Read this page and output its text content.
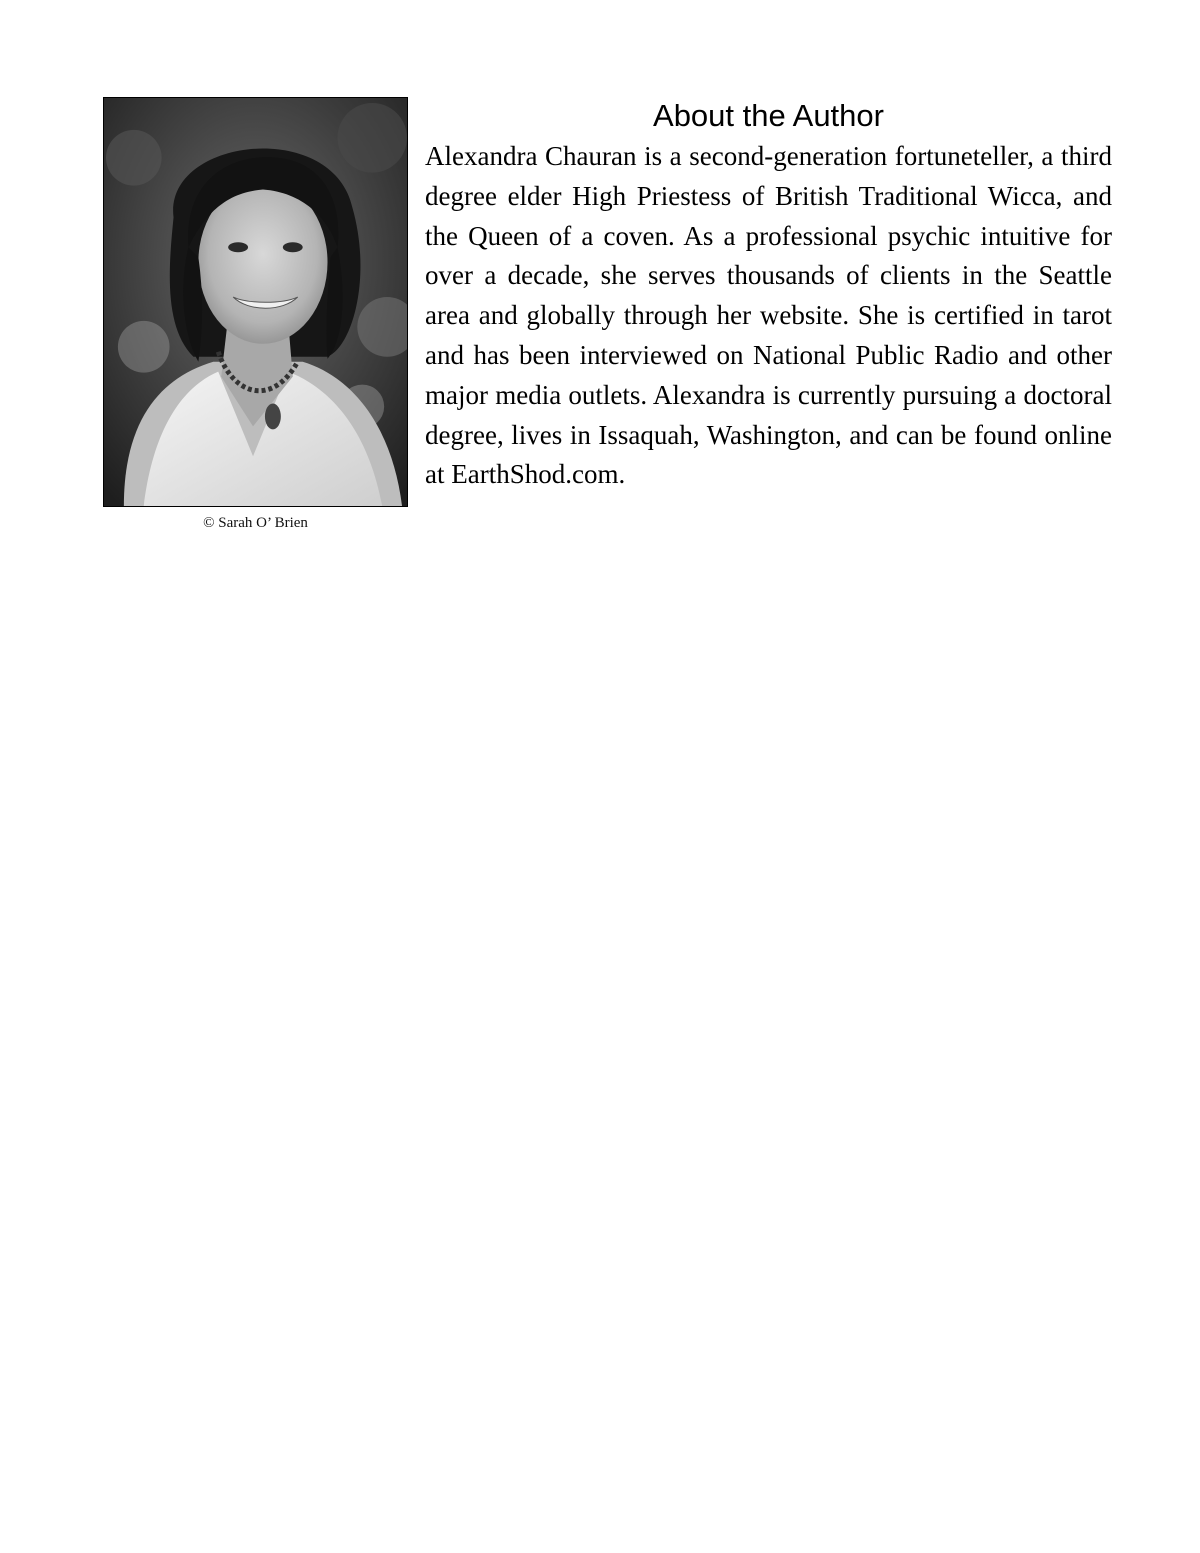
© Sarah O’ Brien
About the Author

Alexandra Chauran is a second-generation fortuneteller, a third degree elder High Priestess of British Traditional Wicca, and the Queen of a coven. As a professional psychic intuitive for over a decade, she serves thousands of clients in the Seattle area and globally through her website. She is certified in tarot and has been interviewed on National Public Radio and other major media outlets. Alexandra is currently pursuing a doctoral degree, lives in Issaquah, Washington, and can be found online at EarthShod.com.
